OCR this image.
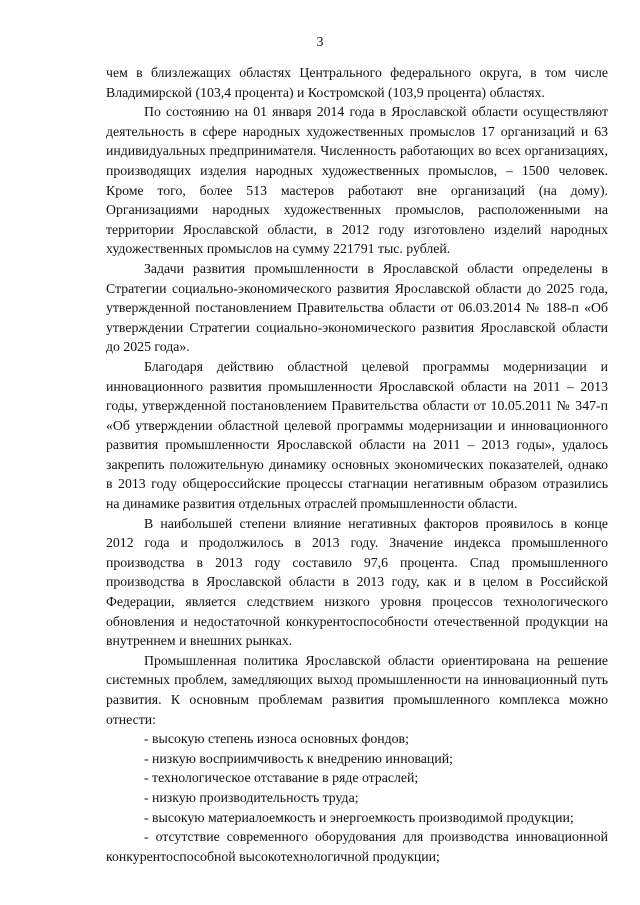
3

чем в близлежащих областях Центрального федерального округа, в том числе Владимирской (103,4 процента) и Костромской (103,9 процента) областях.

По состоянию на 01 января 2014 года в Ярославской области осуществляют деятельность в сфере народных художественных промыслов 17 организаций и 63 индивидуальных предпринимателя. Численность работающих во всех организациях, производящих изделия народных художественных промыслов, – 1500 человек. Кроме того, более 513 мастеров работают вне организаций (на дому). Организациями народных художественных промыслов, расположенными на территории Ярославской области, в 2012 году изготовлено изделий народных художественных промыслов на сумму 221791 тыс. рублей.

Задачи развития промышленности в Ярославской области определены в Стратегии социально-экономического развития Ярославской области до 2025 года, утвержденной постановлением Правительства области от 06.03.2014 № 188-п «Об утверждении Стратегии социально-экономического развития Ярославской области до 2025 года».

Благодаря действию областной целевой программы модернизации и инновационного развития промышленности Ярославской области на 2011 – 2013 годы, утвержденной постановлением Правительства области от 10.05.2011 № 347-п «Об утверждении областной целевой программы модернизации и инновационного развития промышленности Ярославской области на 2011 – 2013 годы», удалось закрепить положительную динамику основных экономических показателей, однако в 2013 году общероссийские процессы стагнации негативным образом отразились на динамике развития отдельных отраслей промышленности области.

В наибольшей степени влияние негативных факторов проявилось в конце 2012 года и продолжилось в 2013 году. Значение индекса промышленного производства в 2013 году составило 97,6 процента. Спад промышленного производства в Ярославской области в 2013 году, как и в целом в Российской Федерации, является следствием низкого уровня процессов технологического обновления и недостаточной конкурентоспособности отечественной продукции на внутреннем и внешних рынках.

Промышленная политика Ярославской области ориентирована на решение системных проблем, замедляющих выход промышленности на инновационный путь развития. К основным проблемам развития промышленного комплекса можно отнести:

- высокую степень износа основных фондов;
- низкую восприимчивость к внедрению инноваций;
- технологическое отставание в ряде отраслей;
- низкую производительность труда;
- высокую материалоемкость и энергоемкость производимой продукции;
- отсутствие современного оборудования для производства инновационной конкурентоспособной высокотехнологичной продукции;
